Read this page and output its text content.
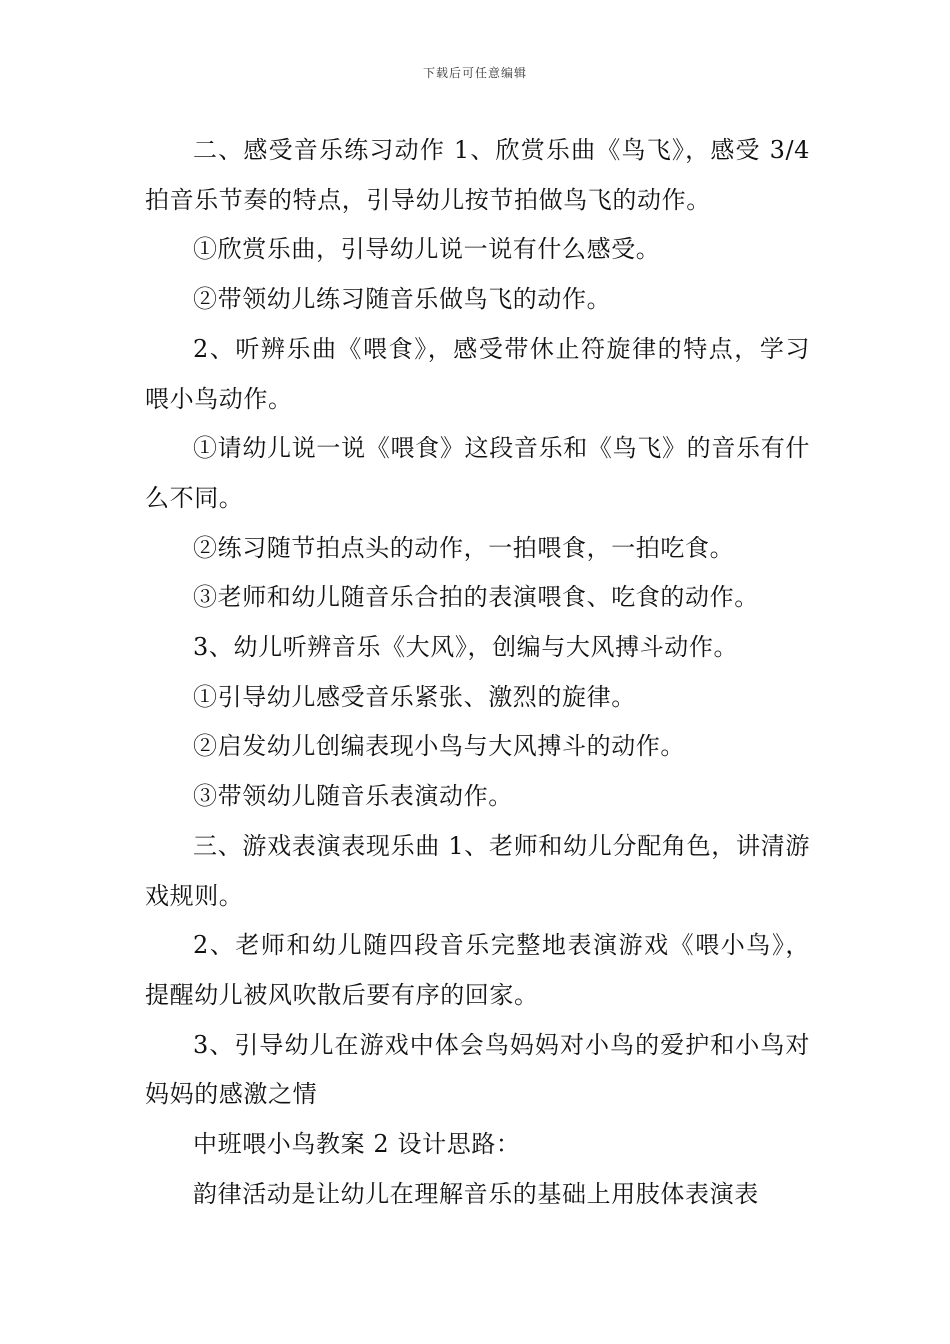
下载后可任意编辑

二、感受音乐练习动作 1、欣赏乐曲《鸟飞》，感受 3/4 拍音乐节奏的特点，引导幼儿按节拍做鸟飞的动作。

①欣赏乐曲，引导幼儿说一说有什么感受。

②带领幼儿练习随音乐做鸟飞的动作。

2、听辨乐曲《喂食》，感受带休止符旋律的特点，学习喂小鸟动作。

①请幼儿说一说《喂食》这段音乐和《鸟飞》的音乐有什么不同。

②练习随节拍点头的动作，一拍喂食，一拍吃食。

③老师和幼儿随音乐合拍的表演喂食、吃食的动作。

3、幼儿听辨音乐《大风》，创编与大风搏斗动作。

①引导幼儿感受音乐紧张、激烈的旋律。

②启发幼儿创编表现小鸟与大风搏斗的动作。

③带领幼儿随音乐表演动作。

三、游戏表演表现乐曲 1、老师和幼儿分配角色，讲清游戏规则。

2、老师和幼儿随四段音乐完整地表演游戏《喂小鸟》，提醒幼儿被风吹散后要有序的回家。

3、引导幼儿在游戏中体会鸟妈妈对小鸟的爱护和小鸟对妈妈的感激之情

中班喂小鸟教案 2 设计思路：

韵律活动是让幼儿在理解音乐的基础上用肢体表演表
